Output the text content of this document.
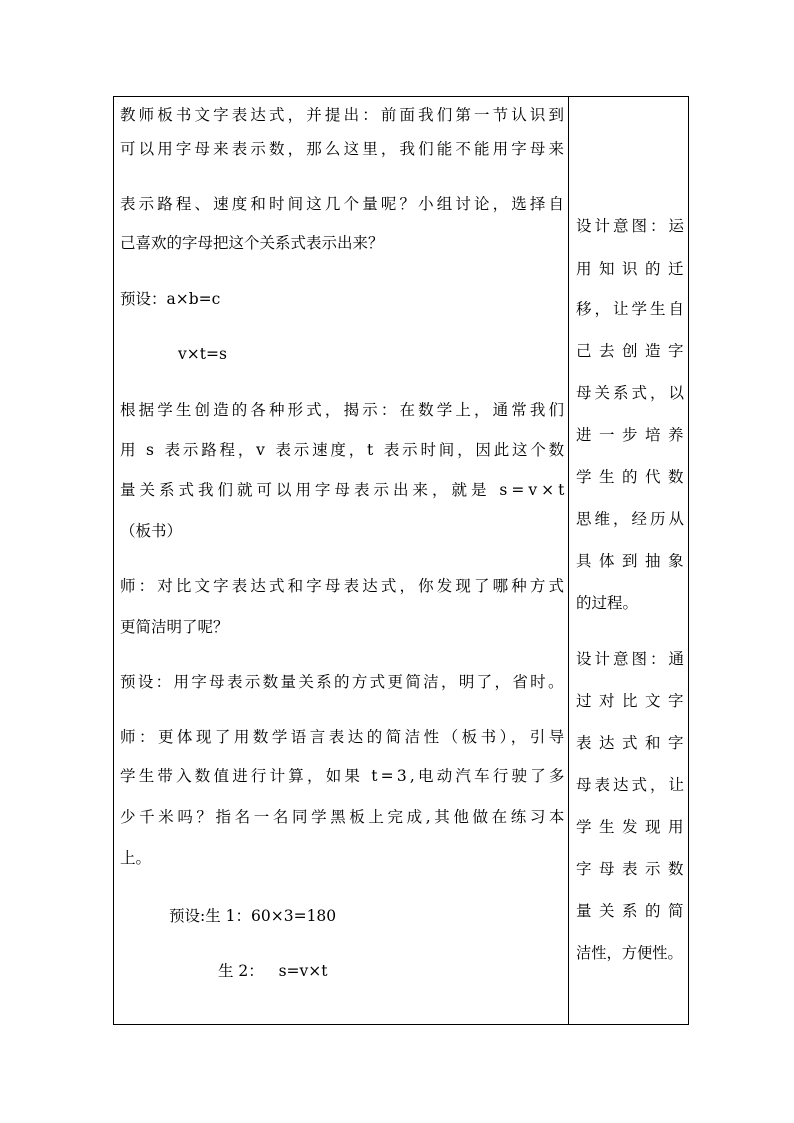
教师板书文字表达式，并提出：前面我们第一节认识到
可以用字母来表示数，那么这里，我们能不能用字母来
表示路程、速度和时间这几个量呢？小组讨论，选择自
己喜欢的字母把这个关系式表示出来？
预设：a×b=c
v×t=s
根据学生创造的各种形式，揭示：在数学上，通常我们
用 s 表示路程，v 表示速度，t 表示时间，因此这个数
量关系式我们就可以用字母表示出来，就是 s=v×t
（板书）
师：对比文字表达式和字母表达式，你发现了哪种方式
更简洁明了呢？
预设：用字母表示数量关系的方式更简洁，明了，省时。
师：更体现了用数学语言表达的简洁性（板书），引导
学生带入数值进行计算，如果 t=3,电动汽车行驶了多
少千米吗？指名一名同学黑板上完成,其他做在练习本
上。
预设:生 1：60×3=180
生 2：   s=v×t
设计意图：运
用知识的迁
移，让学生自
己去创造字
母关系式，以
进一步培养
学生的代数
思维，经历从
具体到抽象
的过程。
设计意图：通
过对比文字
表达式和字
母表达式，让
学生发现用
字母表示数
量关系的简
洁性，方便性。
